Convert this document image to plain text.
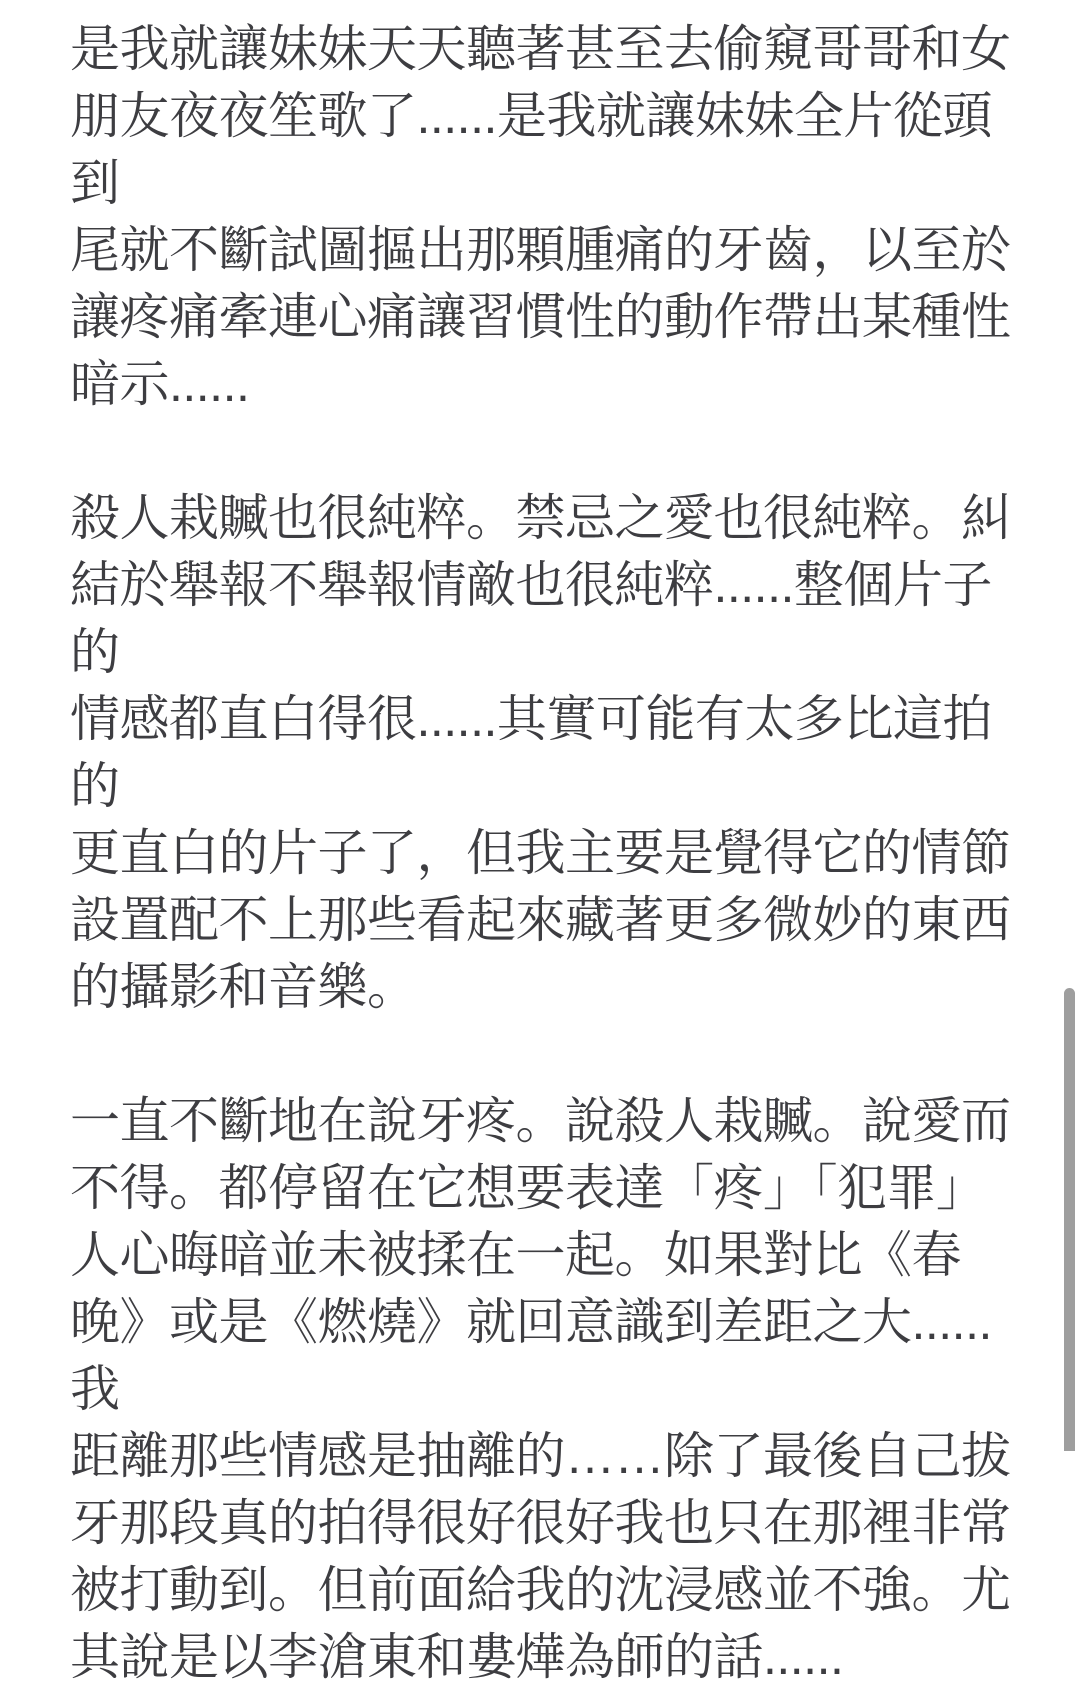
是我就讓妹妹天天聽著甚至去偷窺哥哥和女
朋友夜夜笙歌了......是我就讓妹妹全片從頭到
尾就不斷試圖摳出那顆腫痛的牙齒，以至於
讓疼痛牽連心痛讓習慣性的動作帶出某種性
暗示......

殺人栽贓也很純粹。禁忌之愛也很純粹。糾
結於舉報不舉報情敵也很純粹......整個片子的
情感都直白得很......其實可能有太多比這拍的
更直白的片子了，但我主要是覺得它的情節
設置配不上那些看起來藏著更多微妙的東西
的攝影和音樂。

一直不斷地在說牙疼。說殺人栽贓。說愛而
不得。都停留在它想要表達「疼」「犯罪」
人心晦暗並未被揉在一起。如果對比《春
晚》或是《燃燒》就回意識到差距之大......我
距離那些情感是抽離的……除了最後自己拔
牙那段真的拍得很好很好我也只在那裡非常
被打動到。但前面給我的沈浸感並不強。尤
其說是以李滄東和婁燁為師的話......
